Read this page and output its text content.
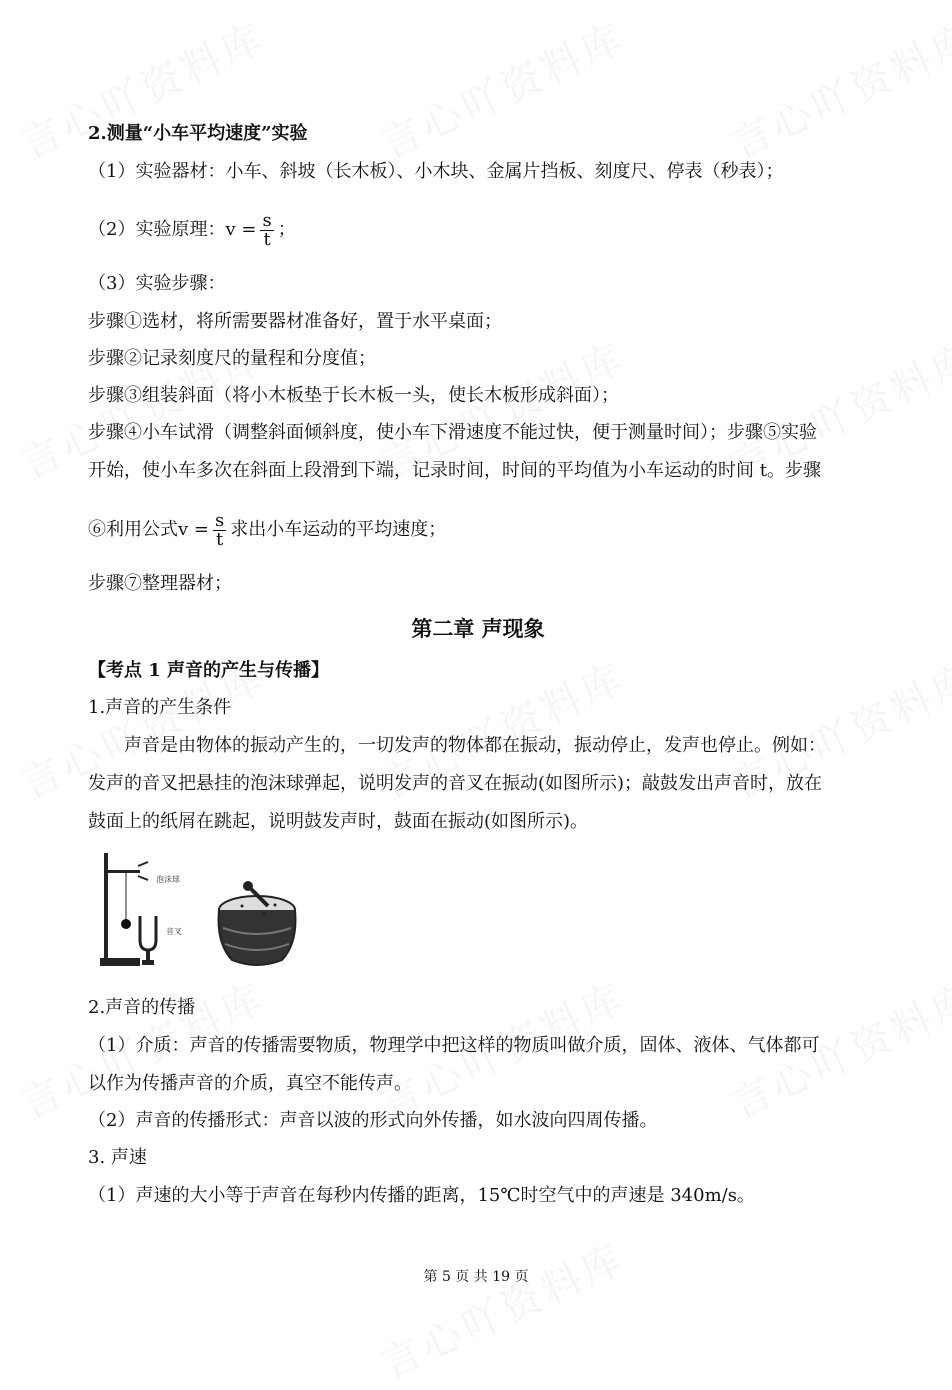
2.测量“小车平均速度”实验
（1）实验器材：小车、斜坡（长木板）、小木块、金属片挡板、刻度尺、停表（秒表）；
（2）实验原理：$v = \frac{s}{t}$ ；
（3）实验步骤：
步骤①选材，将所需要器材准备好，置于水平桌面；
步骤②记录刻度尺的量程和分度值；
步骤③组装斜面（将小木板垫于长木板一头，使长木板形成斜面）；
步骤④小车试滑（调整斜面倾斜度，使小车下滑速度不能过快，便于测量时间）；步骤⑤实验
开始，使小车多次在斜面上段滑到下端，记录时间，时间的平均值为小车运动的时间 t。步骤
⑥利用公式$v = \frac{s}{t}$ 求出小车运动的平均速度；
步骤⑦整理器材；
第二章 声现象
【考点 1 声音的产生与传播】
1.声音的产生条件
声音是由物体的振动产生的，一切发声的物体都在振动，振动停止，发声也停止。例如：
发声的音叉把悬挂的泡沫球弹起，说明发声的音叉在振动(如图所示)；敲鼓发出声音时，放在
鼓面上的纸屑在跳起，说明鼓发声时，鼓面在振动(如图所示)。
2.声音的传播
（1）介质：声音的传播需要物质，物理学中把这样的物质叫做介质，固体、液体、气体都可
以作为传播声音的介质，真空不能传声。
（2）声音的传播形式：声音以波的形式向外传播，如水波向四周传播。
3. 声速
（1）声速的大小等于声音在每秒内传播的距离，15℃时空气中的声速是 340m/s。
泡沫球
音叉
第 5 页 共 19 页
